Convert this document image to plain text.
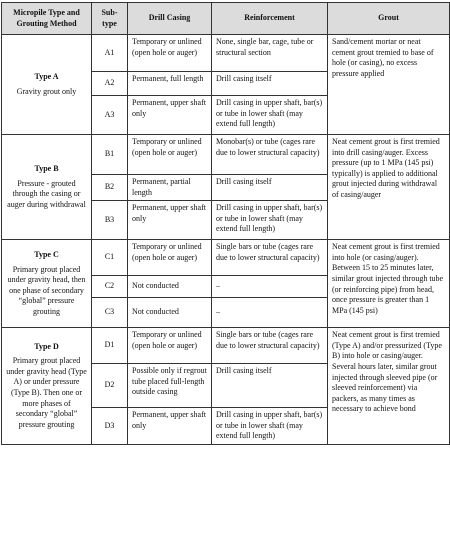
Micropile Type and Grouting Method	Sub-type	Drill Casing	Reinforcement	Grout

Type A
Gravity grout only	A1	Temporary or unlined (open hole or auger)	None, single bar, cage, tube or structural section	Sand/cement mortar or neat cement grout tremied to base of hole (or casing), no excess pressure applied
	A2	Permanent, full length	Drill casing itself	
	A3	Permanent, upper shaft only	Drill casing in upper shaft, bar(s) or tube in lower shaft (may extend full length)	

Type B
Pressure - grouted through the casing or auger during withdrawal	B1	Temporary or unlined (open hole or auger)	Monobar(s) or tube (cages rare due to lower structural capacity)	Neat cement grout is first tremied into drill casing/auger. Excess pressure (up to 1 MPa (145 psi) typically) is applied to additional grout injected during withdrawal of casing/auger
	B2	Permanent, partial length	Drill casing itself	
	B3	Permanent, upper shaft only	Drill casing in upper shaft, bar(s) or tube in lower shaft (may extend full length)	

Type C
Primary grout placed under gravity head, then one phase of secondary “global” pressure grouting	C1	Temporary or unlined (open hole or auger)	Single bars or tube (cages rare due to lower structural capacity)	Neat cement grout is first tremied into hole (or casing/auger). Between 15 to 25 minutes later, similar grout injected through tube (or reinforcing pipe) from head, once pressure is greater than 1 MPa (145 psi)
	C2	Not conducted	–	
	C3	Not conducted	–	

Type D
Primary grout placed under gravity head (Type A) or under pressure (Type B). Then one or more phases of secondary “global” pressure grouting	D1	Temporary or unlined (open hole or auger)	Single bars or tube (cages rare due to lower structural capacity)	Neat cement grout is first tremied (Type A) and/or pressurized (Type B) into hole or casing/auger. Several hours later, similar grout injected through sleeved pipe (or sleeved reinforcement) via packers, as many times as necessary to achieve bond
	D2	Possible only if regrout tube placed full-length outside casing	Drill casing itself	
	D3	Permanent, upper shaft only	Drill casing in upper shaft, bar(s) or tube in lower shaft (may extend full length)	
